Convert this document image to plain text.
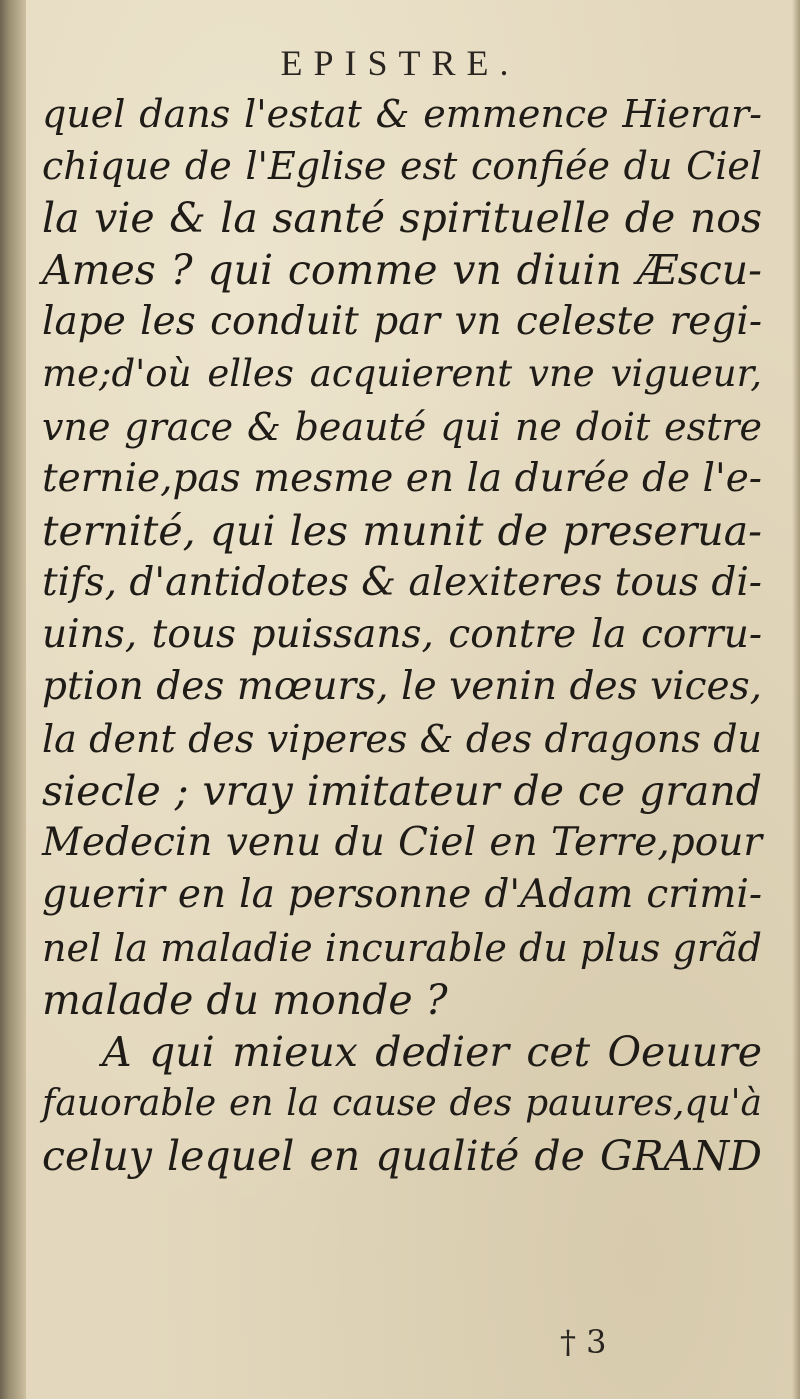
EPISTRE.
quel dans l'estat & emmence Hierar-
chique de l'Eglise est confiée du Ciel
la vie & la santé spirituelle de nos
Ames ? qui comme vn diuin Æscu-
lape les conduit par vn celeste regi-
me;d'où elles acquierent vne vigueur,
vne grace & beauté qui ne doit estre
ternie,pas mesme en la durée de l'e-
ternité, qui les munit de preserua-
tifs, d'antidotes & alexiteres tous di-
uins, tous puissans, contre la corru-
ption des mœurs, le venin des vices,
la dent des viperes & des dragons du
siecle ; vray imitateur de ce grand
Medecin venu du Ciel en Terre,pour
guerir en la personne d'Adam crimi-
nel la maladie incurable du plus grãd
malade du monde ?
A qui mieux dedier cet Oeuure
fauorable en la cause des pauures,qu'à
celuy lequel en qualité de GRAND
† 3
